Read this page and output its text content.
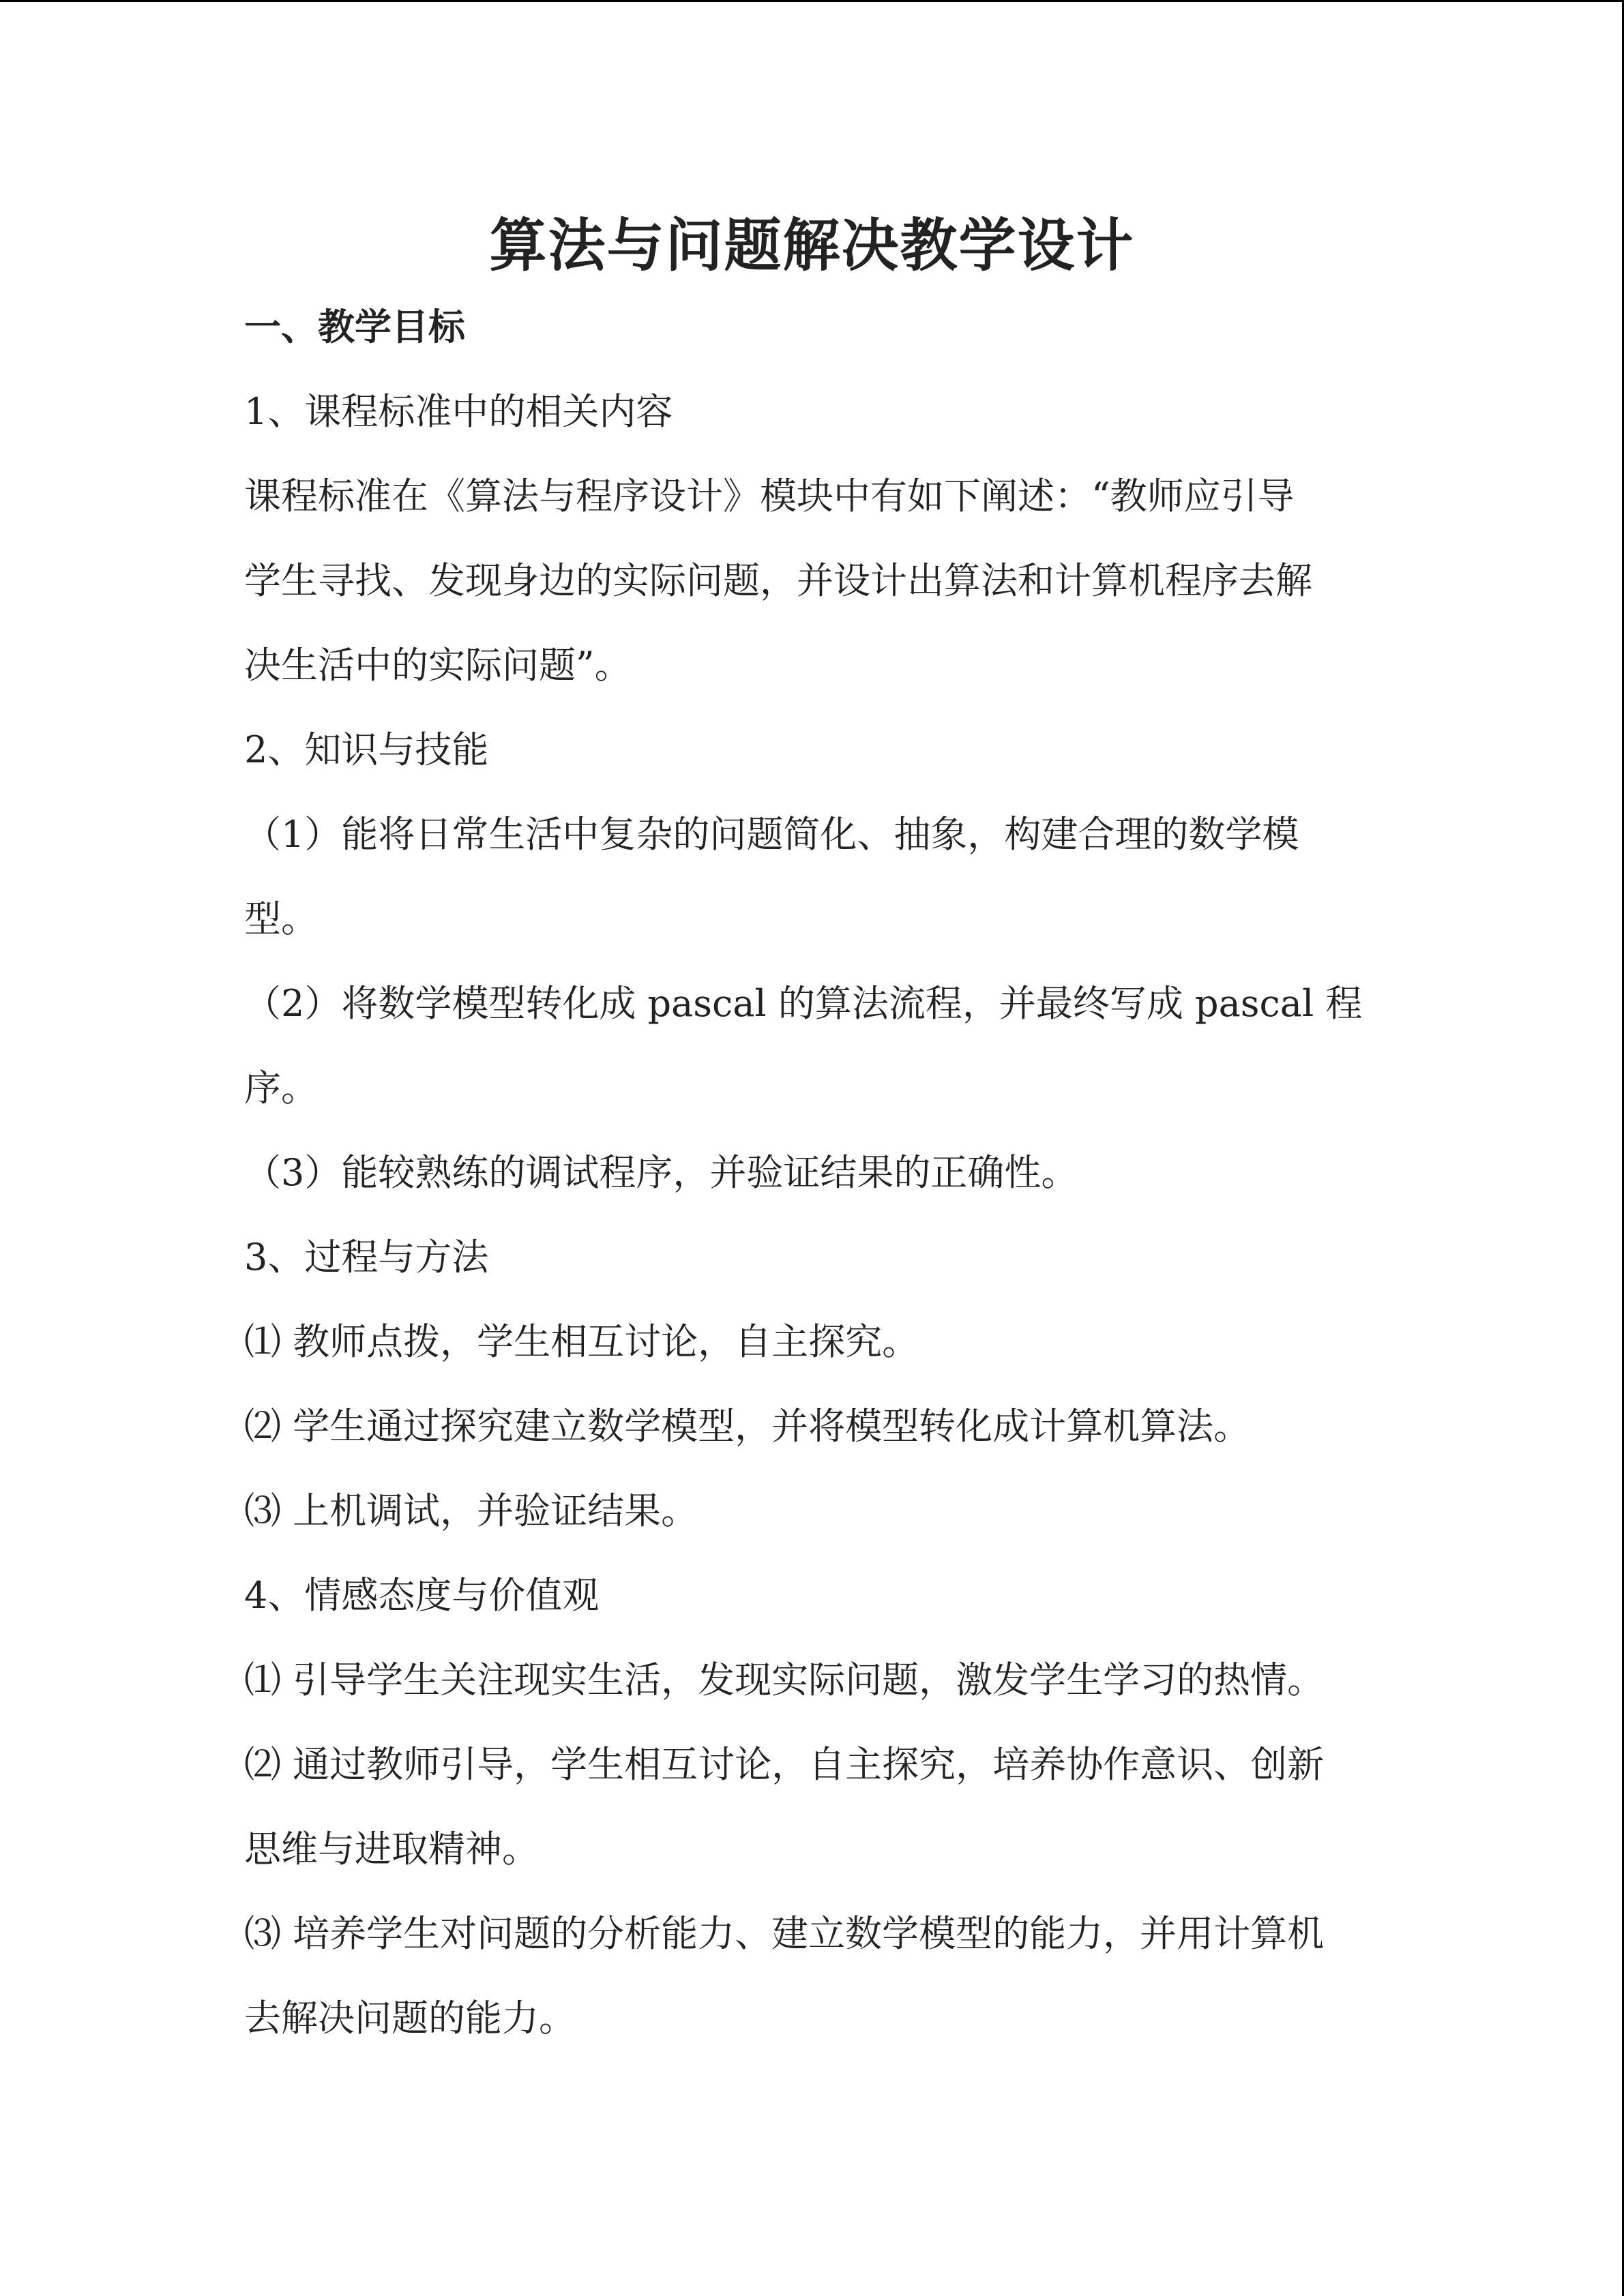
算法与问题解决教学设计

一、教学目标

1、课程标准中的相关内容

课程标准在《算法与程序设计》模块中有如下阐述：“教师应引导

学生寻找、发现身边的实际问题，并设计出算法和计算机程序去解

决生活中的实际问题”。

2、知识与技能

（1）能将日常生活中复杂的问题简化、抽象，构建合理的数学模

型。

（2）将数学模型转化成 pascal 的算法流程，并最终写成 pascal 程

序。

（3）能较熟练的调试程序，并验证结果的正确性。

3、过程与方法

⑴ 教师点拨，学生相互讨论，自主探究。

⑵ 学生通过探究建立数学模型，并将模型转化成计算机算法。

⑶ 上机调试，并验证结果。

4、情感态度与价值观

⑴ 引导学生关注现实生活，发现实际问题，激发学生学习的热情。

⑵ 通过教师引导，学生相互讨论，自主探究，培养协作意识、创新

思维与进取精神。

⑶ 培养学生对问题的分析能力、建立数学模型的能力，并用计算机

去解决问题的能力。
